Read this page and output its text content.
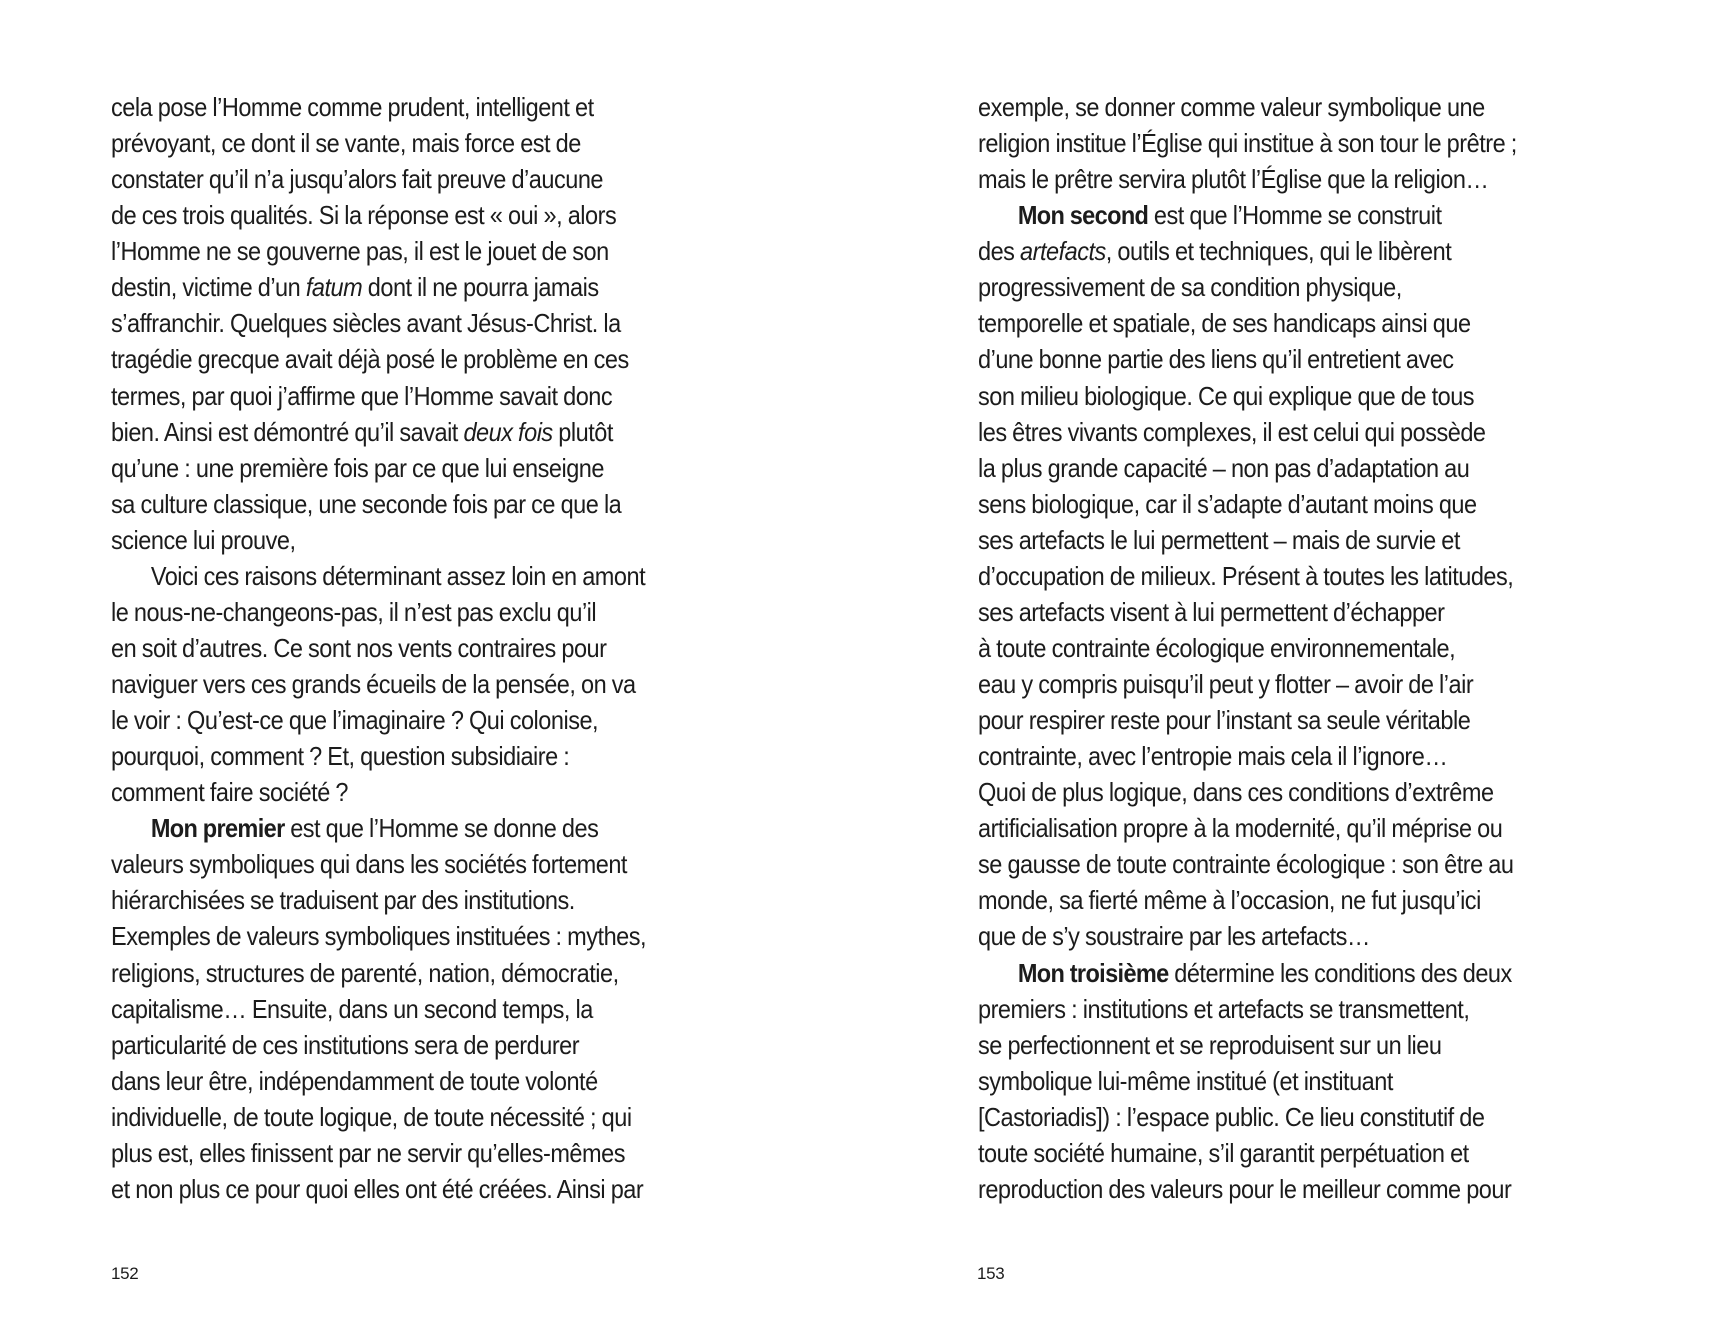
cela pose l’Homme comme prudent, intelligent et
prévoyant, ce dont il se vante, mais force est de
constater qu’il n’a jusqu’alors fait preuve d’aucune
de ces trois qualités. Si la réponse est « oui », alors
l’Homme ne se gouverne pas, il est le jouet de son
destin, victime d’un fatum dont il ne pourra jamais
s’affranchir. Quelques siècles avant Jésus-Christ. la
tragédie grecque avait déjà posé le problème en ces
termes, par quoi j’affirme que l’Homme savait donc
bien. Ainsi est démontré qu’il savait deux fois plutôt
qu’une : une première fois par ce que lui enseigne
sa culture classique, une seconde fois par ce que la
science lui prouve,
Voici ces raisons déterminant assez loin en amont
le nous-ne-changeons-pas, il n’est pas exclu qu’il
en soit d’autres. Ce sont nos vents contraires pour
naviguer vers ces grands écueils de la pensée, on va
le voir : Qu’est-ce que l’imaginaire ? Qui colonise,
pourquoi, comment ? Et, question subsidiaire :
comment faire société ?
Mon premier est que l’Homme se donne des
valeurs symboliques qui dans les sociétés fortement
hiérarchisées se traduisent par des institutions.
Exemples de valeurs symboliques instituées : mythes,
religions, structures de parenté, nation, démocratie,
capitalisme… Ensuite, dans un second temps, la
particularité de ces institutions sera de perdurer
dans leur être, indépendamment de toute volonté
individuelle, de toute logique, de toute nécessité ; qui
plus est, elles finissent par ne servir qu’elles-mêmes
et non plus ce pour quoi elles ont été créées. Ainsi par
152
exemple, se donner comme valeur symbolique une
religion institue l’Église qui institue à son tour le prêtre ;
mais le prêtre servira plutôt l’Église que la religion…
Mon second est que l’Homme se construit
des artefacts, outils et techniques, qui le libèrent
progressivement de sa condition physique,
temporelle et spatiale, de ses handicaps ainsi que
d’une bonne partie des liens qu’il entretient avec
son milieu biologique. Ce qui explique que de tous
les êtres vivants complexes, il est celui qui possède
la plus grande capacité – non pas d’adaptation au
sens biologique, car il s’adapte d’autant moins que
ses artefacts le lui permettent – mais de survie et
d’occupation de milieux. Présent à toutes les latitudes,
ses artefacts visent à lui permettent d’échapper
à toute contrainte écologique environnementale,
eau y compris puisqu’il peut y flotter – avoir de l’air
pour respirer reste pour l’instant sa seule véritable
contrainte, avec l’entropie mais cela il l’ignore…
Quoi de plus logique, dans ces conditions d’extrême
artificialisation propre à la modernité, qu’il méprise ou
se gausse de toute contrainte écologique : son être au
monde, sa fierté même à l’occasion, ne fut jusqu’ici
que de s’y soustraire par les artefacts…
Mon troisième détermine les conditions des deux
premiers : institutions et artefacts se transmettent,
se perfectionnent et se reproduisent sur un lieu
symbolique lui-même institué (et instituant
[Castoriadis]) : l’espace public. Ce lieu constitutif de
toute société humaine, s’il garantit perpétuation et
reproduction des valeurs pour le meilleur comme pour
153
